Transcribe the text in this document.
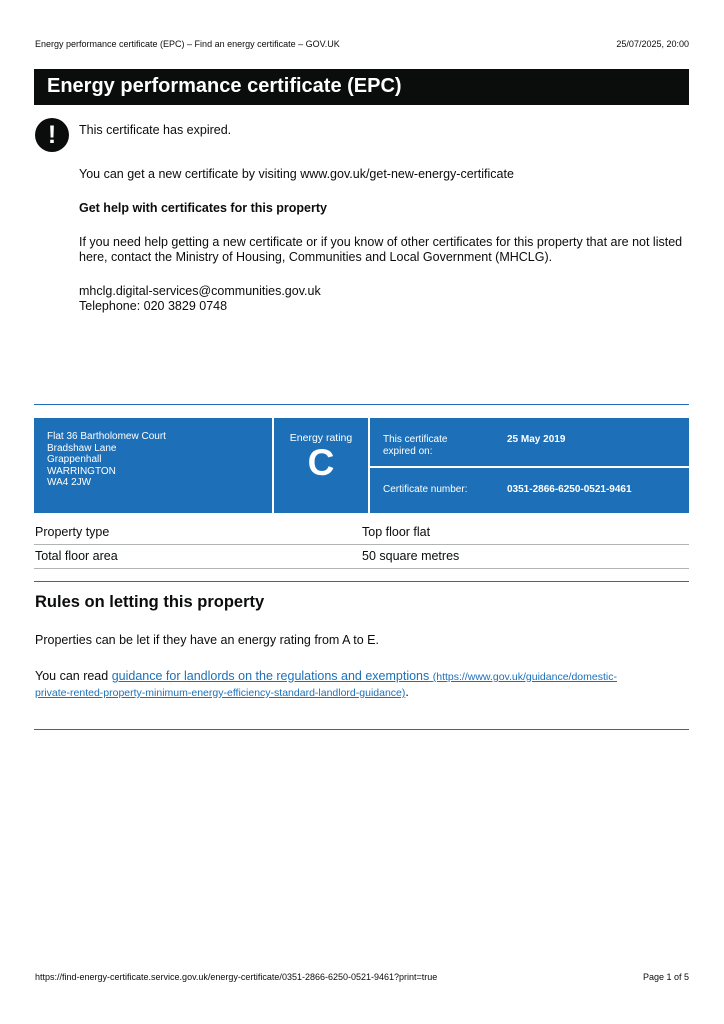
Energy performance certificate (EPC) – Find an energy certificate – GOV.UK	25/07/2025, 20:00
Energy performance certificate (EPC)
!	This certificate has expired.

You can get a new certificate by visiting www.gov.uk/get-new-energy-certificate

Get help with certificates for this property

If you need help getting a new certificate or if you know of other certificates for this property that are not listed here, contact the Ministry of Housing, Communities and Local Government (MHCLG).

mhclg.digital-services@communities.gov.uk

Telephone: 020 3829 0748

Flat 36 Bartholomew Court
Bradshaw Lane
Grappenhall
WARRINGTON
WA4 2JW
Energy rating
C
This certificate
expired on:
25 May 2019
Certificate number:	0351-2866-6250-0521-9461
Property type	Top floor flat
Total floor area	50 square metres
Rules on letting this property

Properties can be let if they have an energy rating from A to E.

You can read guidance for landlords on the regulations and exemptions (https://www.gov.uk/guidance/domestic-
private-rented-property-minimum-energy-efficiency-standard-landlord-guidance).

https://find-energy-certificate.service.gov.uk/energy-certificate/0351-2866-6250-0521-9461?print=true	Page 1 of 5
